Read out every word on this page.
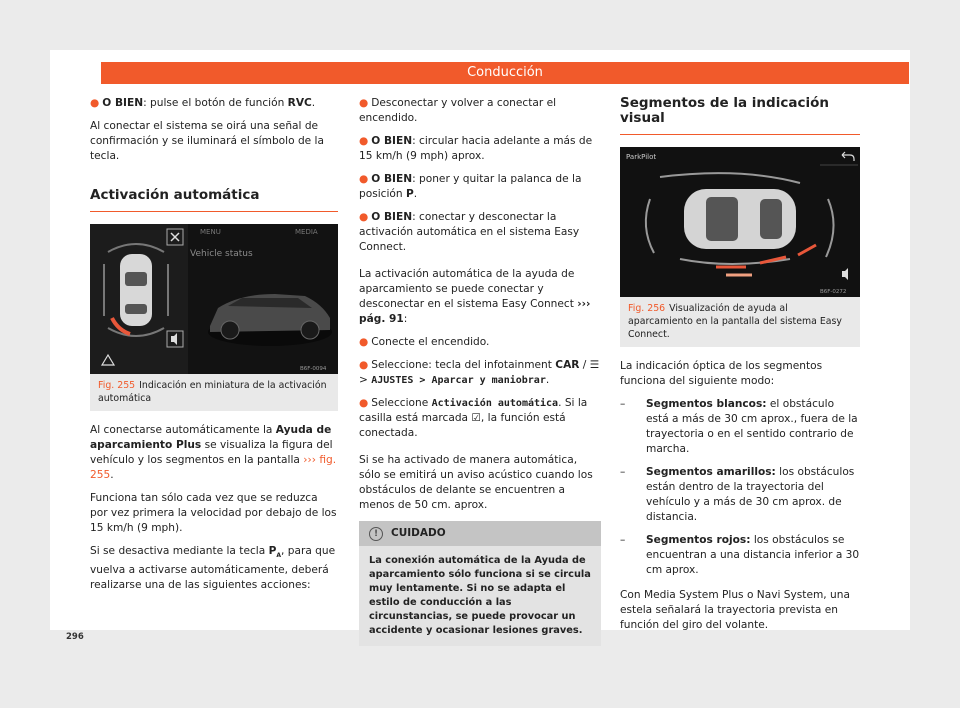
Conducción

● O BIEN: pulse el botón de función RVC.

Al conectar el sistema se oirá una señal de confirmación y se iluminará el símbolo de la tecla.

Activación automática
MENU	MEDIA
Vehicle status
B6F-0094
Fig. 255 Indicación en miniatura de la activación automática

Al conectarse automáticamente la Ayuda de aparcamiento Plus se visualiza la figura del vehículo y los segmentos en la pantalla ››› fig. 255.

Funciona tan sólo cada vez que se reduzca por vez primera la velocidad por debajo de los 15 km/h (9 mph).

Si se desactiva mediante la tecla $P_A$, para que vuelva a activarse automáticamente, deberá realizarse una de las siguientes acciones:

● Desconectar y volver a conectar el encendido.

● O BIEN: circular hacia adelante a más de 15 km/h (9 mph) aprox.

● O BIEN: poner y quitar la palanca de la posición P.

● O BIEN: conectar y desconectar la activación automática en el sistema Easy Connect.

La activación automática de la ayuda de aparcamiento se puede conectar y desconectar en el sistema Easy Connect ››› pág. 91:

● Conecte el encendido.

● Seleccione: tecla del infotainment CAR / ☰ > AJUSTES > Aparcar y maniobrar.

● Seleccione Activación automática. Si la casilla está marcada ☑, la función está conectada.

Si se ha activado de manera automática, sólo se emitirá un aviso acústico cuando los obstáculos de delante se encuentren a menos de 50 cm. aprox.

!	CUIDADO
La conexión automática de la Ayuda de aparcamiento sólo funciona si se circula muy lentamente. Si no se adapta el estilo de conducción a las circunstancias, se puede provocar un accidente y ocasionar lesiones graves.
Segmentos de la indicación visual
ParkPilot
B6F-0272
Fig. 256 Visualización de ayuda al aparcamiento en la pantalla del sistema Easy Connect.

La indicación óptica de los segmentos funciona del siguiente modo:

–	Segmentos blancos: el obstáculo está a más de 30 cm aprox., fuera de la trayectoria o en el sentido contrario de marcha.
–	Segmentos amarillos: los obstáculos están dentro de la trayectoria del vehículo y a más de 30 cm aprox. de distancia.
–	Segmentos rojos: los obstáculos se encuentran a una distancia inferior a 30 cm aprox.

Con Media System Plus o Navi System, una estela señalará la trayectoria prevista en función del giro del volante.

296
